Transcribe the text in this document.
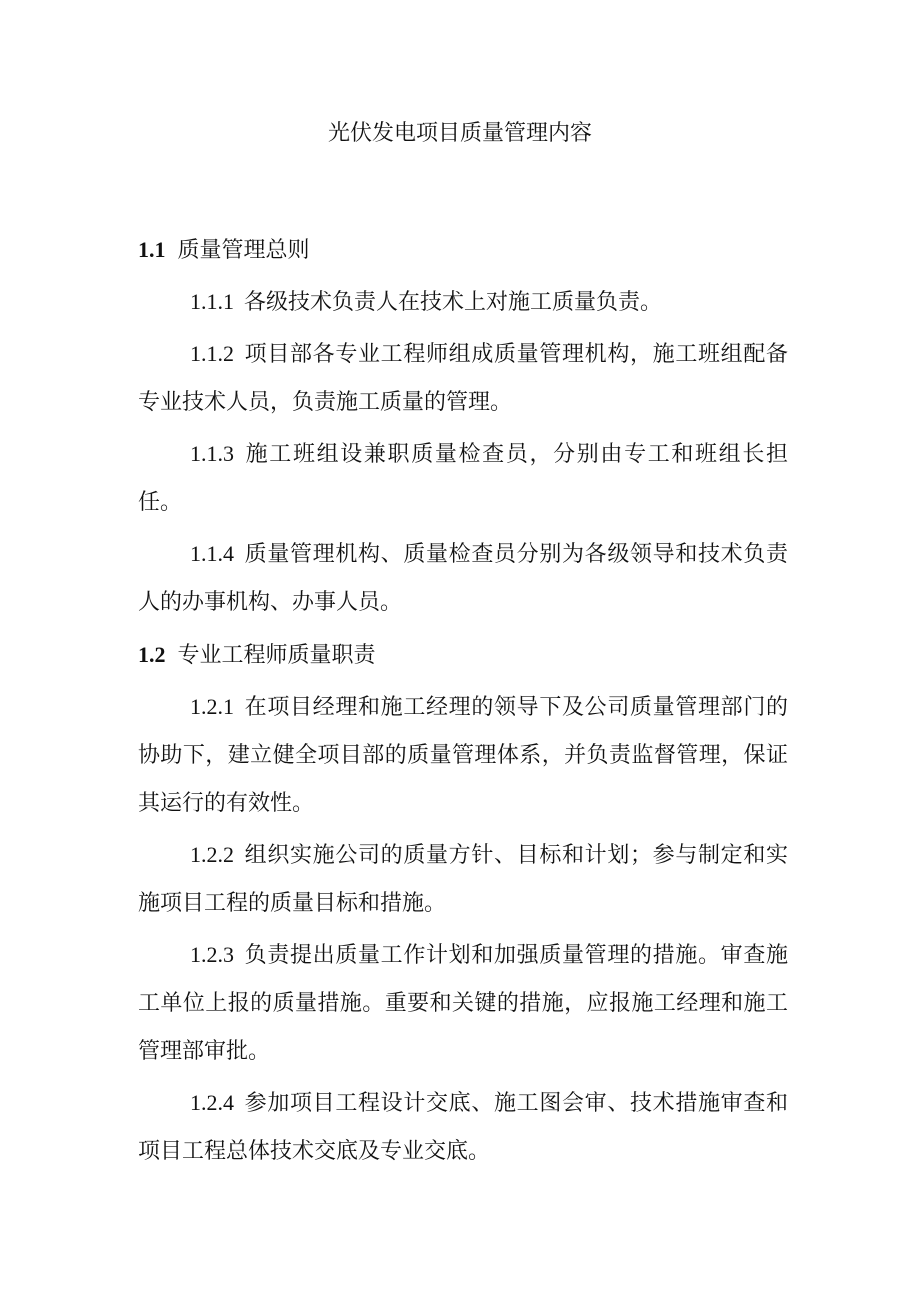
光伏发电项目质量管理内容
1.1 质量管理总则

1.1.1 各级技术负责人在技术上对施工质量负责。

1.1.2 项目部各专业工程师组成质量管理机构，施工班组配备专业技术人员，负责施工质量的管理。

1.1.3 施工班组设兼职质量检查员，分别由专工和班组长担任。

1.1.4 质量管理机构、质量检查员分别为各级领导和技术负责人的办事机构、办事人员。

1.2 专业工程师质量职责

1.2.1 在项目经理和施工经理的领导下及公司质量管理部门的协助下，建立健全项目部的质量管理体系，并负责监督管理，保证其运行的有效性。

1.2.2 组织实施公司的质量方针、目标和计划；参与制定和实施项目工程的质量目标和措施。

1.2.3 负责提出质量工作计划和加强质量管理的措施。审查施工单位上报的质量措施。重要和关键的措施，应报施工经理和施工管理部审批。

1.2.4 参加项目工程设计交底、施工图会审、技术措施审查和项目工程总体技术交底及专业交底。
